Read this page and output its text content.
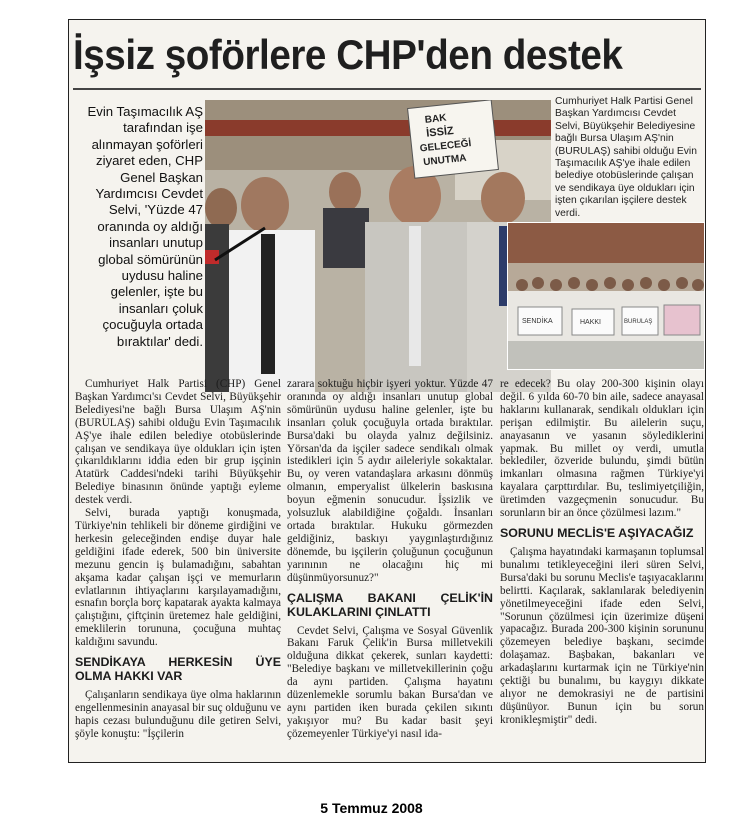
İşsiz şoförlere CHP'den destek
Evin Taşımacılık AŞ tarafından işe alınmayan şoförleri ziyaret eden, CHP Genel Başkan Yardımcısı Cevdet Selvi, 'Yüzde 47 oranında oy aldığı insanları unutup global sömürünün uydusu haline gelenler, işte bu insanları çoluk çocuğuyla ortada bıraktılar' dedi.
BAK
İSSİZ
GELECEĞİ
UNUTMA
Cumhuriyet Halk Partisi Genel Başkan Yardımcısı Cevdet Selvi, Büyükşehir Belediyesine bağlı Bursa Ulaşım AŞ'nin (BURULAŞ) sahibi olduğu Evin Taşımacılık AŞ'ye ihale edilen belediye otobüslerinde çalışan ve sendikaya üye oldukları için işten çıkarılan işçilere destek verdi.
SENDİKA	HAKKI	BURULAŞ

Cumhuriyet Halk Partisi (CHP) Genel Başkan Yardımcı'sı Cevdet Selvi, Büyükşehir Belediyesi'ne bağlı Bursa Ulaşım AŞ'nin (BURULAŞ) sahibi olduğu Evin Taşımacılık AŞ'ye ihale edilen belediye otobüslerinde çalışan ve sendikaya üye oldukları için işten çıkarıldıklarını iddia eden bir grup işçinin Atatürk Caddesi'ndeki tarihi Büyükşehir Belediye binasının önünde yaptığı eyleme destek verdi.

Selvi, burada yaptığı konuşmada, Türkiye'nin tehlikeli bir döneme girdiğini ve herkesin geleceğinden endişe duyar hale geldiğini ifade ederek, 500 bin üniversite mezunu gencin iş bulamadığını, sabahtan akşama kadar çalışan işçi ve memurların evlatlarının ihtiyaçlarını karşılayamadığını, esnafın borçla borç kapatarak ayakta kalmaya çalıştığını, çiftçinin üretemez hale geldiğini, emeklilerin torununa, çocuğuna muhtaç kaldığını savundu.

SENDİKAYA HERKESİN ÜYE OLMA HAKKI VAR

Çalışanların sendikaya üye olma haklarının engellenmesinin anayasal bir suç olduğunu ve hapis cezası bulunduğunu dile getiren Selvi, şöyle konuştu: "İşçilerin

zarara soktuğu hiçbir işyeri yoktur. Yüzde 47 oranında oy aldığı insanları unutup global sömürünün uydusu haline gelenler, işte bu insanları çoluk çocuğuyla ortada bıraktılar. Bursa'daki bu olayda yalnız değilsiniz. Yörsan'da da işçiler sadece sendikalı olmak istedikleri için 5 aydır aileleriyle sokaktalar. Bu, oy veren vatandaşlara arkasını dönmüş olmanın, emperyalist ülkelerin baskısına boyun eğmenin sonucudur. İşsizlik ve yolsuzluk alabildiğine çoğaldı. İnsanları ortada bıraktılar. Hukuku görmezden geldiğiniz, baskıyı yaygınlaştırdığınız dönemde, bu işçilerin çoluğunun çocuğunun yarınının ne olacağını hiç mi düşünmüyorsunuz?"

ÇALIŞMA BAKANI ÇELİK'İN KULAKLARINI ÇINLATTI

Cevdet Selvi, Çalışma ve Sosyal Güvenlik Bakanı Faruk Çelik'in Bursa milletvekili olduğuna dikkat çekerek, sunları kaydetti: "Belediye başkanı ve milletvekillerinin çoğu da aynı partiden. Çalışma hayatını düzenlemekle sorumlu bakan Bursa'dan ve aynı partiden iken burada çekilen sıkıntı yakışıyor mu? Bu kadar basit şeyi çözemeyenler Türkiye'yi nasıl ida-

re edecek? Bu olay 200-300 kişinin olayı değil. 6 yılda 60-70 bin aile, sadece anayasal haklarını kullanarak, sendikalı oldukları için perişan edilmiştir. Bu ailelerin suçu, anayasanın ve yasanın söylediklerini yapmak. Bu millet oy verdi, umutla beklediler, özveride bulundu, şimdi bütün imkanları olmasına rağmen Türkiye'yi kayalara çarpttırdılar. Bu, teslimiyetçiliğin, üretimden vazgeçmenin sonucudur. Bu sorunların bir an önce çözülmesi lazım."

SORUNU MECLİS'E AŞIYACAĞIZ

Çalışma hayatındaki karmaşanın toplumsal bunalımı tetikleyeceğini ileri süren Selvi, Bursa'daki bu sorunu Meclis'e taşıyacaklarını belirtti. Kaçılarak, saklanılarak belediyenin yönetilmeyeceğini ifade eden Selvi, "Sorunun çözülmesi için üzerimize düşeni yapacağız. Burada 200-300 kişinin sorununu çözemeyen belediye başkanı, secimde dolaşamaz. Başbakan, bakanları ve arkadaşlarını kurtarmak için ne Türkiye'nin çektiği bu bunalımı, bu kaygıyı dikkate alıyor ne demokrasiyi ne de partisini düşünüyor. Bunun için bu sorun kronikleşmiştir" dedi.

5 Temmuz 2008
